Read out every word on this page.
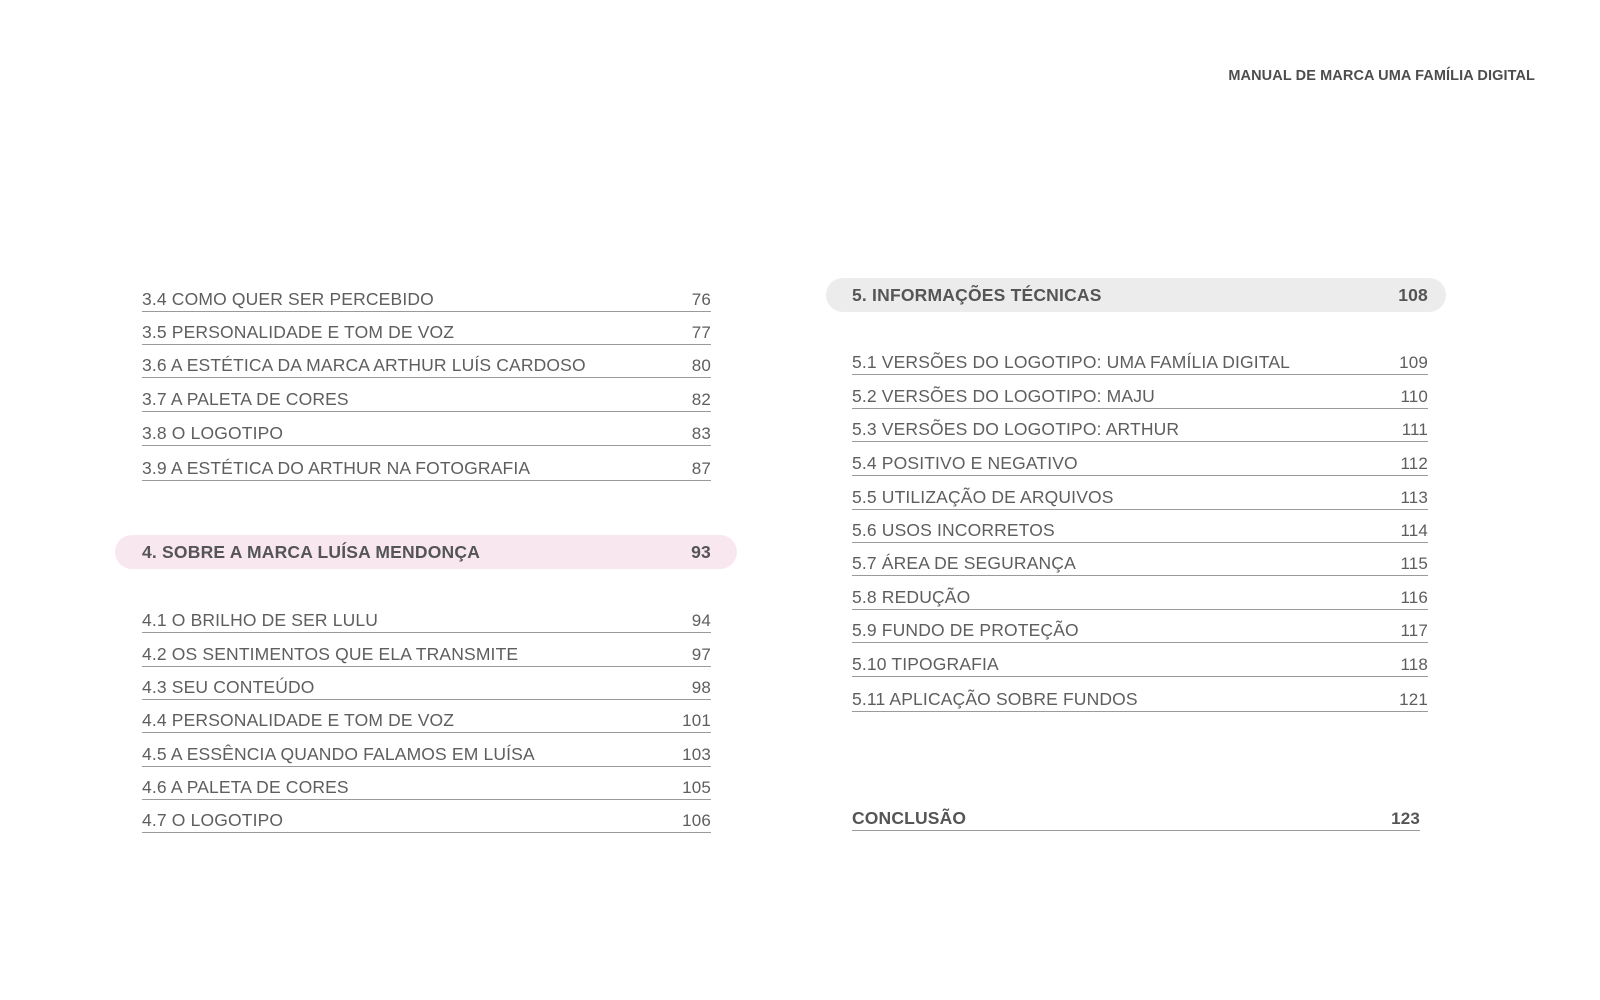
MANUAL DE MARCA UMA FAMÍLIA DIGITAL
3.4 COMO QUER SER PERCEBIDO	76
3.5 PERSONALIDADE E TOM DE VOZ	77
3.6 A ESTÉTICA DA MARCA ARTHUR LUÍS CARDOSO	80
3.7 A PALETA DE CORES	82
3.8 O LOGOTIPO	83
3.9 A ESTÉTICA DO ARTHUR NA FOTOGRAFIA	87
4. SOBRE A MARCA LUÍSA MENDONÇA	93
4.1 O BRILHO DE SER LULU	94
4.2 OS SENTIMENTOS QUE ELA TRANSMITE	97
4.3 SEU CONTEÚDO	98
4.4 PERSONALIDADE E TOM DE VOZ	101
4.5 A ESSÊNCIA QUANDO FALAMOS EM LUÍSA	103
4.6 A PALETA DE CORES	105
4.7 O LOGOTIPO	106
5. INFORMAÇÕES TÉCNICAS	108
5.1 VERSÕES DO LOGOTIPO: UMA FAMÍLIA DIGITAL	109
5.2 VERSÕES DO LOGOTIPO: MAJU	110
5.3 VERSÕES DO LOGOTIPO: ARTHUR	111
5.4 POSITIVO E NEGATIVO	112
5.5 UTILIZAÇÃO DE ARQUIVOS	113
5.6 USOS INCORRETOS	114
5.7 ÁREA DE SEGURANÇA	115
5.8 REDUÇÃO	116
5.9 FUNDO DE PROTEÇÃO	117
5.10 TIPOGRAFIA	118
5.11 APLICAÇÃO SOBRE FUNDOS	121
CONCLUSÃO	123
